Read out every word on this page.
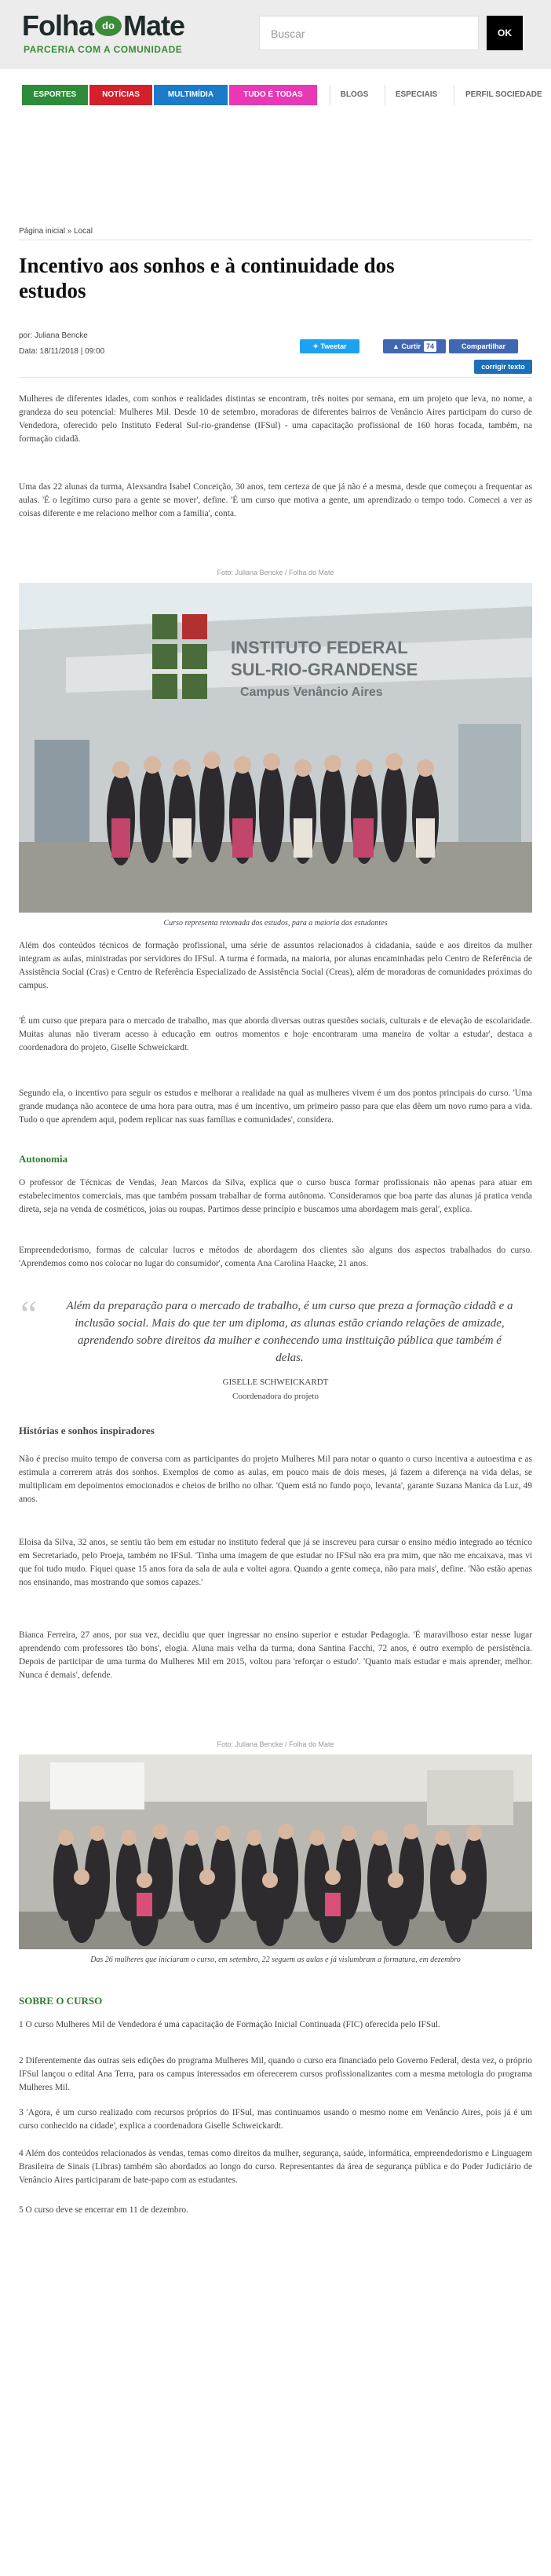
Folha do Mate
PARCERIA COM A COMUNIDADE
Buscar	OK
ESPORTES	NOTÍCIAS	MULTIMÍDIA	TUDO É TODAS	BLOGS	ESPECIAIS	PERFIL SOCIEDADE
Página inicial » Local
Incentivo aos sonhos e à continuidade dos estudos
por: Juliana Bencke
Data: 18/11/2018 | 09:00
✦ Tweetar	▲ Curtir 74	Compartilhar
corrigir texto

Mulheres de diferentes idades, com sonhos e realidades distintas se encontram, três noites por semana, em um projeto que leva, no nome, a grandeza do seu potencial: Mulheres Mil. Desde 10 de setembro, moradoras de diferentes bairros de Venâncio Aires participam do curso de Vendedora, oferecido pelo Instituto Federal Sul-rio-grandense (IFSul) - uma capacitação profissional de 160 horas focada, também, na formação cidadã.

Uma das 22 alunas da turma, Alexsandra Isabel Conceição, 30 anos, tem certeza de que já não é a mesma, desde que começou a frequentar as aulas. 'É o legítimo curso para a gente se mover', define. 'É um curso que motiva a gente, um aprendizado o tempo todo. Comecei a ver as coisas diferente e me relaciono melhor com a família', conta.

Foto: Juliana Bencke / Folha do Mate
INSTITUTO FEDERAL
SUL-RIO-GRANDENSE
Campus Venâncio Aires
Curso representa retomada dos estudos, para a maioria das estudantes

Além dos conteúdos técnicos de formação profissional, uma série de assuntos relacionados à cidadania, saúde e aos direitos da mulher integram as aulas, ministradas por servidores do IFSul. A turma é formada, na maioria, por alunas encaminhadas pelo Centro de Referência de Assistência Social (Cras) e Centro de Referência Especializado de Assistência Social (Creas), além de moradoras de comunidades próximas do campus.

'É um curso que prepara para o mercado de trabalho, mas que aborda diversas outras questões sociais, culturais e de elevação de escolaridade. Muitas alunas não tiveram acesso à educação em outros momentos e hoje encontraram uma maneira de voltar a estudar', destaca a coordenadora do projeto, Giselle Schweickardt.

Segundo ela, o incentivo para seguir os estudos e melhorar a realidade na qual as mulheres vivem é um dos pontos principais do curso. 'Uma grande mudança não acontece de uma hora para outra, mas é um incentivo, um primeiro passo para que elas dêem um novo rumo para a vida. Tudo o que aprendem aqui, podem replicar nas suas famílias e comunidades', considera.

Autonomia

O professor de Técnicas de Vendas, Jean Marcos da Silva, explica que o curso busca formar profissionais não apenas para atuar em estabelecimentos comerciais, mas que também possam trabalhar de forma autônoma. 'Consideramos que boa parte das alunas já pratica venda direta, seja na venda de cosméticos, joias ou roupas. Partimos desse princípio e buscamos uma abordagem mais geral', explica.

Empreendedorismo, formas de calcular lucros e métodos de abordagem dos clientes são alguns dos aspectos trabalhados do curso. 'Aprendemos como nos colocar no lugar do consumidor', comenta Ana Carolina Haacke, 21 anos.

“ Além da preparação para o mercado de trabalho, é um curso que preza a formação cidadã e a inclusão social. Mais do que ter um diploma, as alunas estão criando relações de amizade, aprendendo sobre direitos da mulher e conhecendo uma instituição pública que também é delas.
GISELLE SCHWEICKARDT
Coordenadora do projeto
Histórias e sonhos inspiradores

Não é preciso muito tempo de conversa com as participantes do projeto Mulheres Mil para notar o quanto o curso incentiva a autoestima e as estimula a correrem atrás dos sonhos. Exemplos de como as aulas, em pouco mais de dois meses, já fazem a diferença na vida delas, se multiplicam em depoimentos emocionados e cheios de brilho no olhar. 'Quem está no fundo poço, levanta', garante Suzana Manica da Luz, 49 anos.

Eloisa da Silva, 32 anos, se sentiu tão bem em estudar no instituto federal que já se inscreveu para cursar o ensino médio integrado ao técnico em Secretariado, pelo Proeja, também no IFSul. 'Tinha uma imagem de que estudar no IFSul não era pra mim, que não me encaixava, mas vi que foi tudo mudo. Fiquei quase 15 anos fora da sala de aula e voltei agora. Quando a gente começa, não para mais', define. 'Não estão apenas nos ensinando, mas mostrando que somos capazes.'

Bianca Ferreira, 27 anos, por sua vez, decidiu que quer ingressar no ensino superior e estudar Pedagogia. 'É maravilhoso estar nesse lugar aprendendo com professores tão bons', elogia. Aluna mais velha da turma, dona Santina Facchi, 72 anos, é outro exemplo de persistência. Depois de participar de uma turma do Mulheres Mil em 2015, voltou para 'reforçar o estudo'. 'Quanto mais estudar e mais aprender, melhor. Nunca é demais', defende.

Foto: Juliana Bencke / Folha do Mate
Das 26 mulheres que iniciaram o curso, em setembro, 22 seguem as aulas e já vislumbram a formatura, em dezembro
SOBRE O CURSO

1 O curso Mulheres Mil de Vendedora é uma capacitação de Formação Inicial Continuada (FIC) oferecida pelo IFSul.

2 Diferentemente das outras seis edições do programa Mulheres Mil, quando o curso era financiado pelo Governo Federal, desta vez, o próprio IFSul lançou o edital Ana Terra, para os campus interessados em oferecerem cursos profissionalizantes com a mesma metologia do programa Mulheres Mil.

3 'Agora, é um curso realizado com recursos próprios do IFSul, mas continuamos usando o mesmo nome em Venâncio Aires, pois já é um curso conhecido na cidade', explica a coordenadora Giselle Schweickardt.

4 Além dos conteúdos relacionados às vendas, temas como direitos da mulher, segurança, saúde, informática, empreendedorismo e Linguagem Brasileira de Sinais (Libras) também são abordados ao longo do curso. Representantes da área de segurança pública e do Poder Judiciário de Venâncio Aires participaram de bate-papo com as estudantes.

5 O curso deve se encerrar em 11 de dezembro.
